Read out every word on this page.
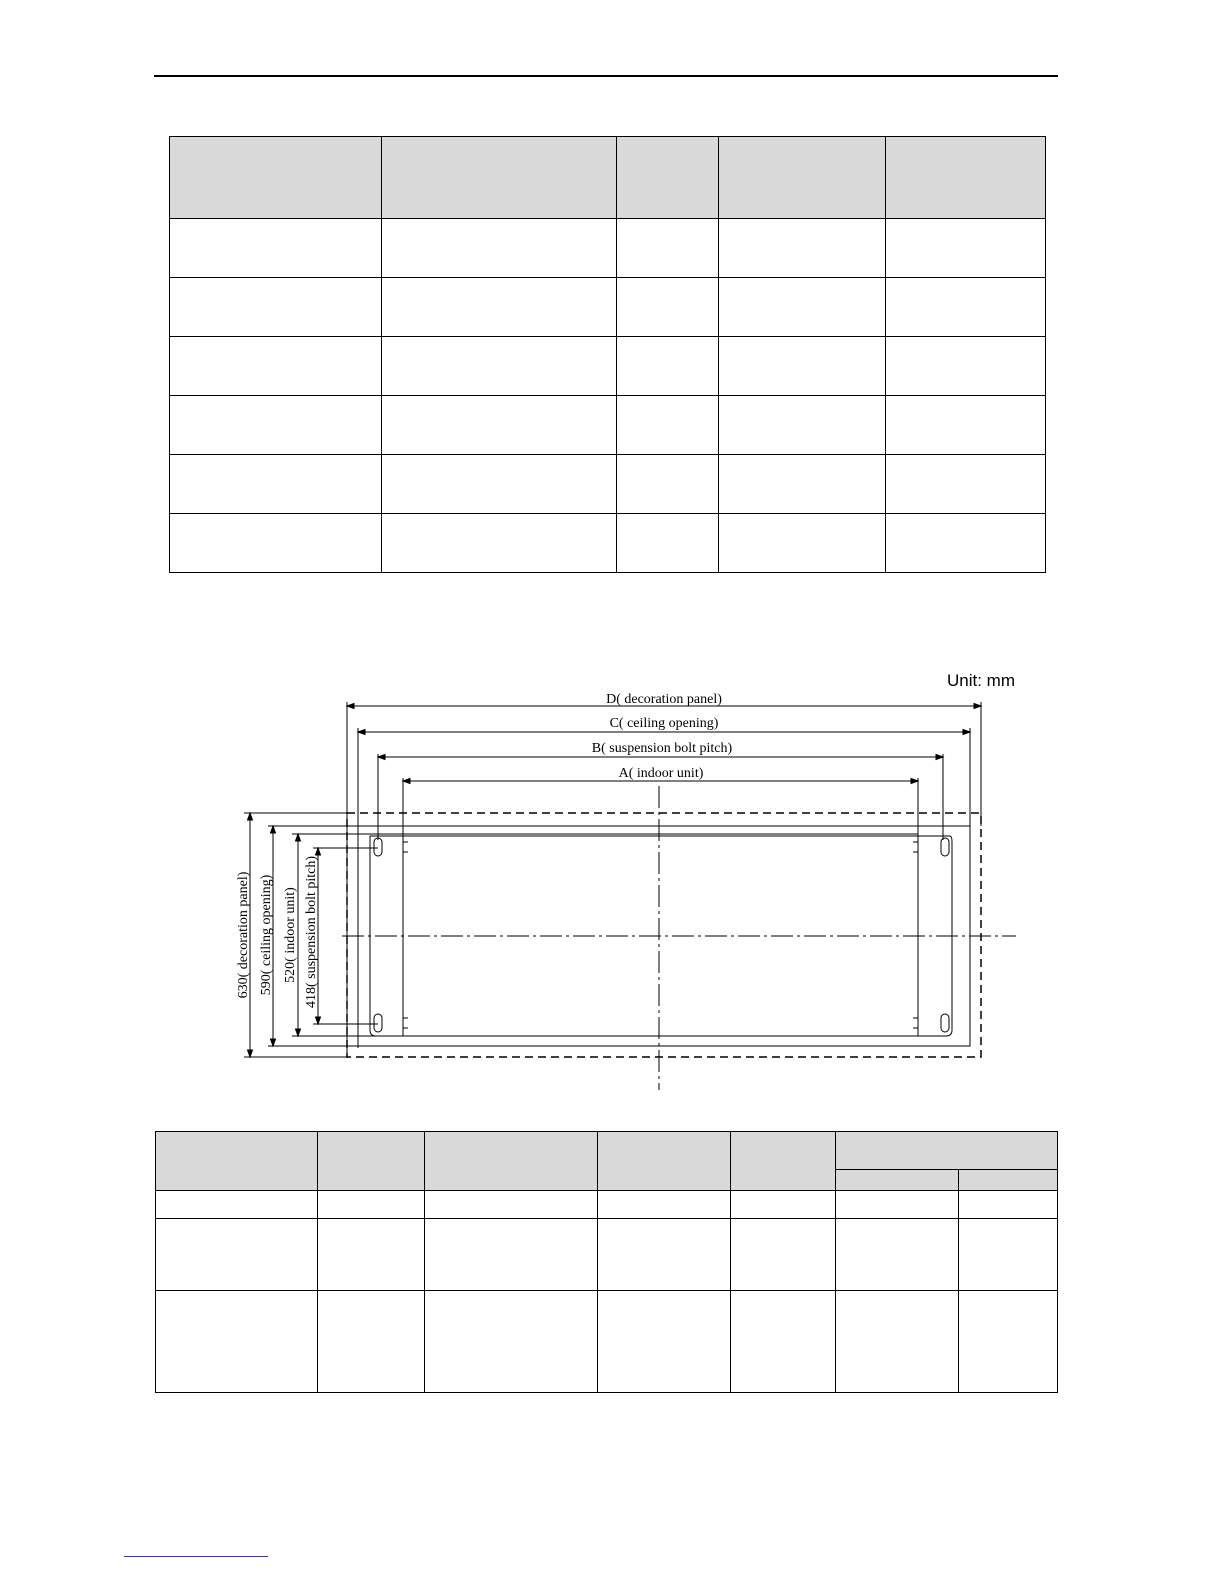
Unit: mm
D( decoration panel)
C( ceiling opening)
B( suspension bolt pitch)
A( indoor unit)
630( decoration panel) 590( ceiling opening) 520( indoor unit) 418( suspension bolt pitch)
